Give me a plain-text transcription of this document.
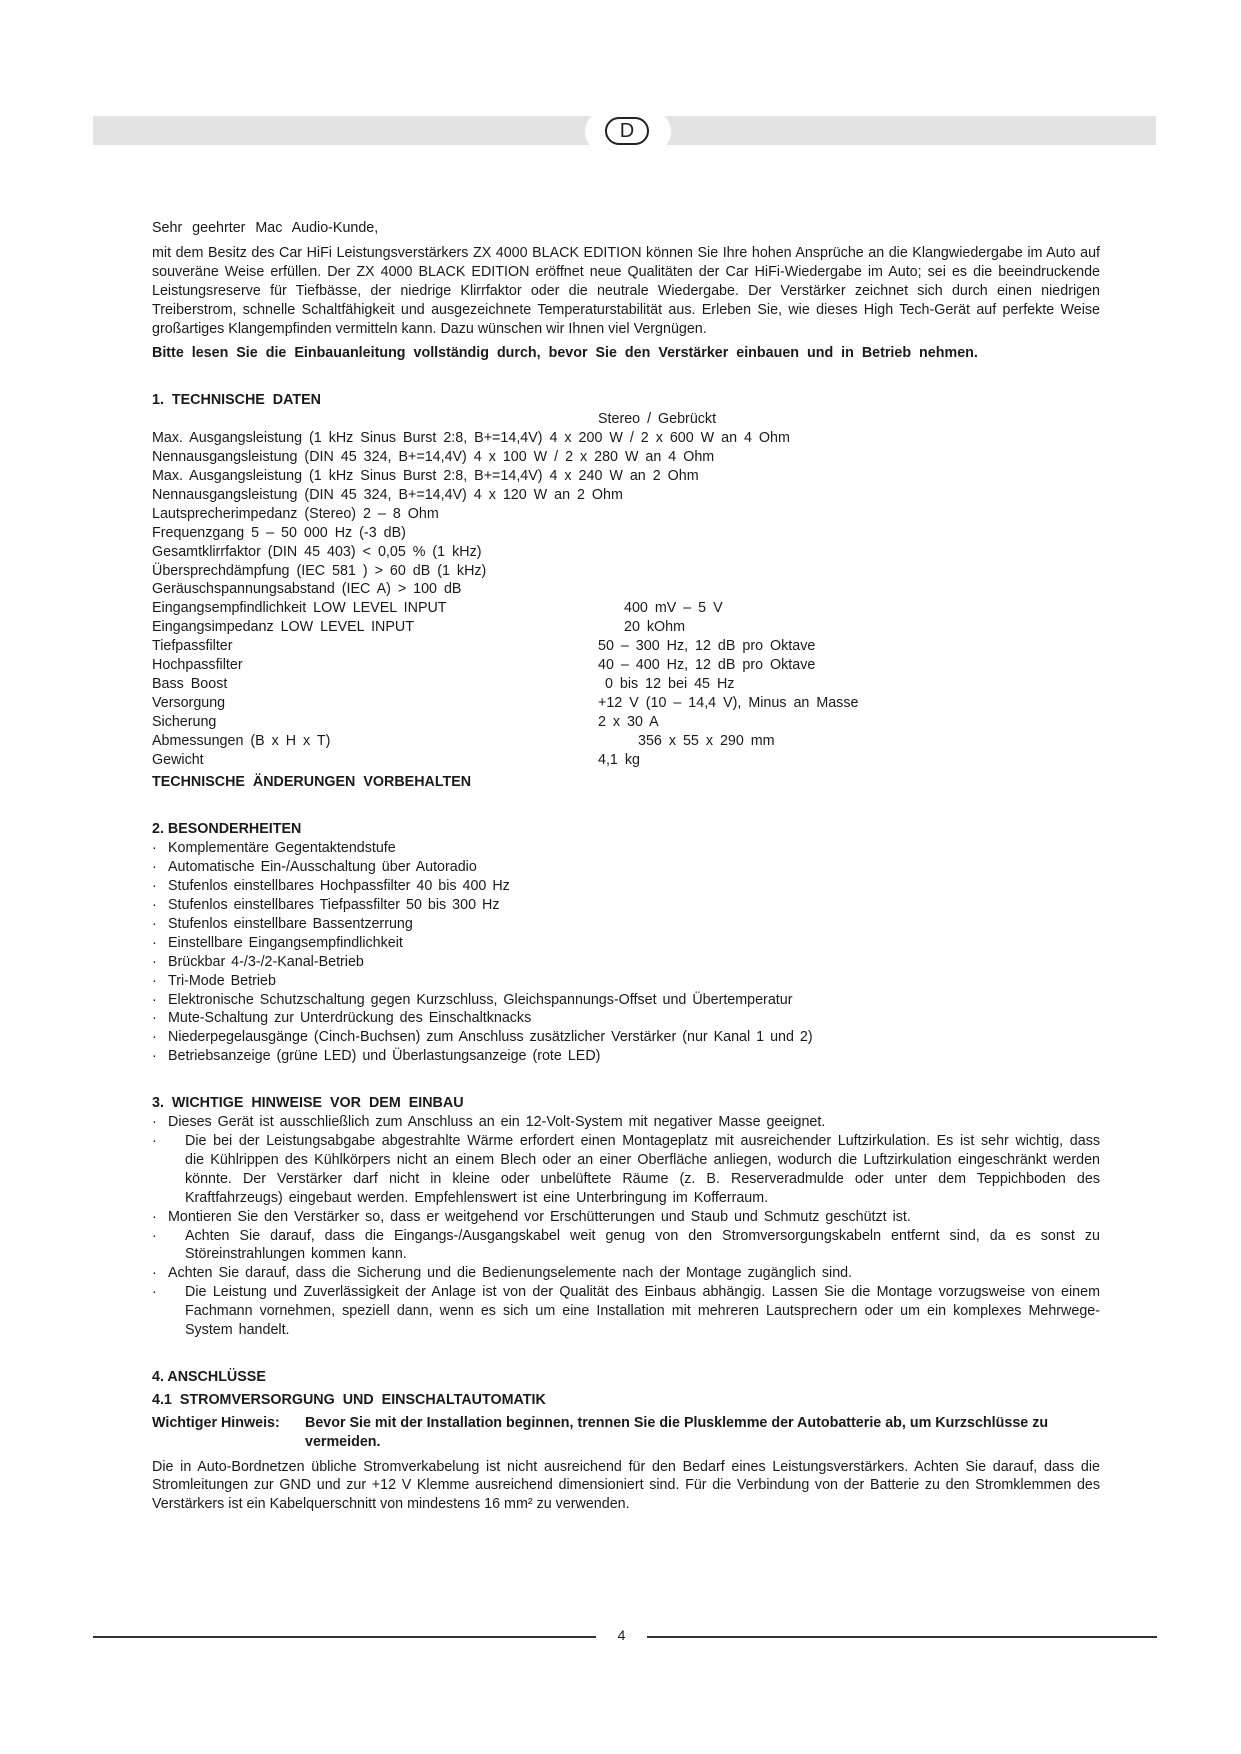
D

Sehr geehrter Mac Audio-Kunde,

mit dem Besitz des Car HiFi Leistungsverstärkers ZX 4000 BLACK EDITION können Sie Ihre hohen Ansprüche an die Klangwiedergabe im Auto auf souveräne Weise erfüllen. Der ZX 4000 BLACK EDITION eröffnet neue Qualitäten der Car HiFi-Wiedergabe im Auto; sei es die beeindruckende Leistungsreserve für Tiefbässe, der niedrige Klirrfaktor oder die neutrale Wiedergabe. Der Verstärker zeichnet sich durch einen niedrigen Treiberstrom, schnelle Schaltfähigkeit und ausgezeichnete Temperaturstabilität aus. Erleben Sie, wie dieses High Tech-Gerät auf perfekte Weise großartiges Klangempfinden vermitteln kann. Dazu wünschen wir Ihnen viel Vergnügen.

Bitte lesen Sie die Einbauanleitung vollständig durch, bevor Sie den Verstärker einbauen und in Betrieb nehmen.

1. TECHNISCHE DATEN

Stereo / Gebrückt

Max. Ausgangsleistung (1 kHz Sinus Burst 2:8, B+=14,4V) 4 x 200 W / 2 x 600 W an 4 Ohm

Nennausgangsleistung (DIN 45 324, B+=14,4V) 4 x 100 W / 2 x 280 W an 4 Ohm

Max. Ausgangsleistung (1 kHz Sinus Burst 2:8, B+=14,4V) 4 x 240 W an 2 Ohm

Nennausgangsleistung (DIN 45 324, B+=14,4V) 4 x 120 W an 2 Ohm

Lautsprecherimpedanz (Stereo) 2 – 8 Ohm

Frequenzgang 5 – 50 000 Hz (-3 dB)

Gesamtklirrfaktor (DIN 45 403) < 0,05 % (1 kHz)

Übersprechdämpfung (IEC 581 ) > 60 dB (1 kHz)

Geräuschspannungsabstand (IEC A) > 100 dB

Eingangsempfindlichkeit LOW LEVEL INPUT	400 mV – 5 V
Eingangsimpedanz LOW LEVEL INPUT	20 kOhm
Tiefpassfilter	50 – 300 Hz, 12 dB pro Oktave
Hochpassfilter	40 – 400 Hz, 12 dB pro Oktave
Bass Boost	0 bis 12 bei 45 Hz
Versorgung	+12 V (10 – 14,4 V), Minus an Masse
Sicherung	2 x 30 A
Abmessungen (B x H x T)	356 x 55 x 290 mm
Gewicht	4,1 kg

TECHNISCHE ÄNDERUNGEN VORBEHALTEN

2. BESONDERHEITEN

· Komplementäre Gegentaktendstufe
· Automatische Ein-/Ausschaltung über Autoradio
· Stufenlos einstellbares Hochpassfilter 40 bis 400 Hz
· Stufenlos einstellbares Tiefpassfilter 50 bis 300 Hz
· Stufenlos einstellbare Bassentzerrung
· Einstellbare Eingangsempfindlichkeit
· Brückbar 4-/3-/2-Kanal-Betrieb
· Tri-Mode Betrieb
· Elektronische Schutzschaltung gegen Kurzschluss, Gleichspannungs-Offset und Übertemperatur
· Mute-Schaltung zur Unterdrückung des Einschaltknacks
· Niederpegelausgänge (Cinch-Buchsen) zum Anschluss zusätzlicher Verstärker (nur Kanal 1 und 2)
· Betriebsanzeige (grüne LED) und Überlastungsanzeige (rote LED)

3. WICHTIGE HINWEISE VOR DEM EINBAU

· Dieses Gerät ist ausschließlich zum Anschluss an ein 12-Volt-System mit negativer Masse geeignet.
· Die bei der Leistungsabgabe abgestrahlte Wärme erfordert einen Montageplatz mit ausreichender Luftzirkulation. Es ist sehr wichtig, dass die Kühlrippen des Kühlkörpers nicht an einem Blech oder an einer Oberfläche anliegen, wodurch die Luftzirkulation eingeschränkt werden könnte. Der Verstärker darf nicht in kleine oder unbelüftete Räume (z. B. Reserveradmulde oder unter dem Teppichboden des Kraftfahrzeugs) eingebaut werden. Empfehlenswert ist eine Unterbringung im Kofferraum.
· Montieren Sie den Verstärker so, dass er weitgehend vor Erschütterungen und Staub und Schmutz geschützt ist.
· Achten Sie darauf, dass die Eingangs-/Ausgangskabel weit genug von den Stromversorgungskabeln entfernt sind, da es sonst zu Störeinstrahlungen kommen kann.
· Achten Sie darauf, dass die Sicherung und die Bedienungselemente nach der Montage zugänglich sind.
· Die Leistung und Zuverlässigkeit der Anlage ist von der Qualität des Einbaus abhängig. Lassen Sie die Montage vorzugsweise von einem Fachmann vornehmen, speziell dann, wenn es sich um eine Installation mit mehreren Lautsprechern oder um ein komplexes Mehrwege-System handelt.

4. ANSCHLÜSSE

4.1 STROMVERSORGUNG UND EINSCHALTAUTOMATIK

Wichtiger Hinweis:	Bevor Sie mit der Installation beginnen, trennen Sie die Plusklemme der Autobatterie ab, um Kurzschlüsse zu vermeiden.

Die in Auto-Bordnetzen übliche Stromverkabelung ist nicht ausreichend für den Bedarf eines Leistungsverstärkers. Achten Sie darauf, dass die Stromleitungen zur GND und zur +12 V Klemme ausreichend dimensioniert sind. Für die Verbindung von der Batterie zu den Stromklemmen des Verstärkers ist ein Kabelquerschnitt von mindestens 16 mm² zu verwenden.

4
